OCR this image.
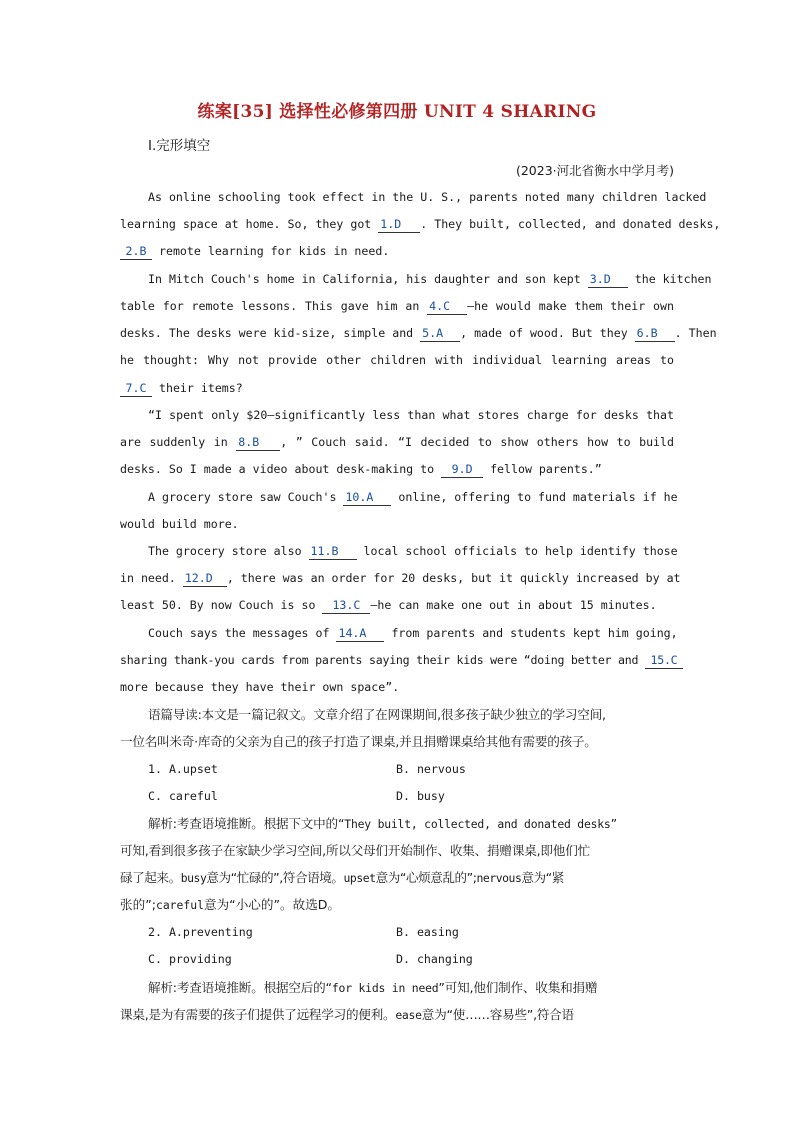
练案[35] 选择性必修第四册 UNIT 4 SHARING
Ⅰ.完形填空
(2023·河北省衡水中学月考)
As online schooling took effect in the U. S., parents noted many children lacked
learning space at home. So, they got 1.D . They built, collected, and donated desks,
2.B remote learning for kids in need.
In Mitch Couch's home in California, his daughter and son kept 3.D the kitchen
table for remote lessons. This gave him an 4.C —he would make them their own
desks. The desks were kid-size, simple and 5.A , made of wood. But they 6.B . Then
he thought: Why not provide other children with individual learning areas to
7.C their items?
“I spent only $20—significantly less than what stores charge for desks that
are suddenly in 8.B , ” Couch said. “I decided to show others how to build
desks. So I made a video about desk-making to 9.D fellow parents.”
A grocery store saw Couch's 10.A online, offering to fund materials if he
would build more.
The grocery store also 11.B local school officials to help identify those
in need. 12.D , there was an order for 20 desks, but it quickly increased by at
least 50. By now Couch is so 13.C —he can make one out in about 15 minutes.
Couch says the messages of 14.A from parents and students kept him going,
sharing thank-you cards from parents saying their kids were “doing better and 15.C
more because they have their own space”.
语篇导读:本文是一篇记叙文。文章介绍了在网课期间,很多孩子缺少独立的学习空间,
一位名叫米奇·库奇的父亲为自己的孩子打造了课桌,并且捐赠课桌给其他有需要的孩子。
1. A.upset	B. nervous
C. careful	D. busy
解析:考查语境推断。根据下文中的“They built, collected, and donated desks”
可知,看到很多孩子在家缺少学习空间,所以父母们开始制作、收集、捐赠课桌,即他们忙
碌了起来。busy意为“忙碌的”,符合语境。upset意为“心烦意乱的”;nervous意为“紧
张的”;careful意为“小心的”。故选D。
2. A.preventing	B. easing
C. providing	D. changing
解析:考查语境推断。根据空后的“for kids in need”可知,他们制作、收集和捐赠
课桌,是为有需要的孩子们提供了远程学习的便利。ease意为“使……容易些”,符合语
